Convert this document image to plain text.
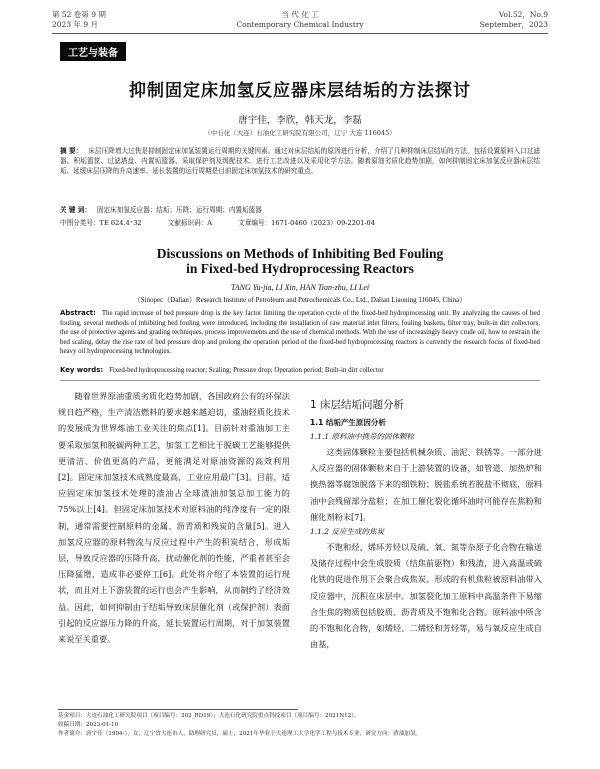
第 52 卷第 9 期
2023 年 9 月
当 代 化 工
Contemporary Chemical Industry
Vol.52，No.9
September，2023
工艺与装备
抑制固定床加氢反应器床层结垢的方法探讨
唐宇佳，李欣，韩天龙，李磊
（中石化（大连）石油化工研究院有限公司，辽宁 大连 116045）
摘 要： 床层压降增大过快是抑制固定床加氢装置运行周期的关键因素。通过对床层结垢的原因进行分析，介绍了几种抑制床层结垢的方法，包括设置原料入口过滤器、积垢篮筐、过滤塔盘、内置垢篮器、采取保护剂及级配技术、进行工艺改进以及采用化学方法。随着原油劣质化趋势加剧，如何抑制固定床加氢反应器床层结垢、延缓床层压降的升高速率、延长装置的运行周期是目前固定床加氢技术的研究重点。
关 键 词： 固定床加氢反应器；结垢；压降；运行周期；内置垢篮器
中图分类号：TE 624.4⁺32	文献标识码：A	文章编号：1671-0460（2023）09-2201-04
Discussions on Methods of Inhibiting Bed Fouling
in Fixed-bed Hydroprocessing Reactors
TANG Yu-jia, LI Xin, HAN Tian-zhu, LI Lei
（Sinopec（Dalian）Research Institute of Petroleum and Petrochemicals Co., Ltd., Dalian Liaoning 116045, China）
Abstract: The rapid increase of bed pressure drop is the key factor limiting the operation cycle of the fixed-bed hydroprocessing unit. By analyzing the causes of bed fouling, several methods of inhibiting bed fouling were introduced, including the installation of raw material inlet filters, fouling baskets, filter tray, built-in dirt collectors, the use of protective agents and grading techniques, process improvements and the use of chemical methods. With the use of increasingly heavy crude oil, how to restrain the bed scaling, delay the rise rate of bed pressure drop and prolong the operation period of the fixed-bed hydroprocessing reactors is currently the research focus of fixed-bed heavy oil hydroprocessing technologies.
Key words: Fixed-bed hydroprocessing reactor; Scaling; Pressure drop; Operation period; Built-in dirt collector

随着世界原油重质劣质化趋势加剧，各国政府公有的环保法规日趋严格，生产清洁燃料的要求越来越迫切，重油轻质化技术的发展成为世界炼油工业关注的焦点[1]。目前针对重油加工主要采取加氢和脱碳两种工艺，加氢工艺相比于脱碳工艺能够提供更清洁、价值更高的产品，更能满足对原油资源的高效利用[2]。固定床加氢技术成熟度最高，工业应用最广[3]。目前，适应固定床加氢技术处理的渣油占全球渣油加氢总加工能力的 75%以上[4]。但固定床加氢技术对原料油的纯净度有一定的限制，通常需要控制原料的金属、沥青质和残炭的含量[5]。进入加氢反应器的原料物流与反应过程中产生的积炭结合，形成垢层，导致反应器的压降升高，扰动催化剂的性能，严重者甚至会压降猛增，造成非必要停工[6]。此处将介绍了本装置的运行现状，而且对上下游装置的运行也会产生影响，从而制约了经济效益。因此，如何抑制由于结垢导致床层催化剂（或保护剂）表面引起的反应器压力降的升高，延长装置运行周期，对于加氢装置来说至关重要。

1 床层结垢问题分析
1.1 结垢产生原因分析
1.1.1 原料油中携带的固体颗粒

这类固体颗粒主要包括机械杂质、油泥、铁锈等。一部分进入反应器的固体颗粒来自于上游装置的设备，如管道、加热炉和换热器等腐蚀脱落下来的细铁粉；脱盐系统若脱盐不彻底，原料油中会残留部分盐粒；在加工催化裂化循环油时可能存在焦粉和催化剂粉末[7]。

1.1.2 反应生成的焦炭

不饱和烃、烯环芳烃以及硫、氧、氮等杂原子化合物在输送及储存过程中会生成胶质（结焦前驱物）和残渣，进入高温或硫化铁的促进作用下会聚合成焦炭。形成的有机焦粒被原料油带入反应器中，沉积在床层中。加氢裂化加工原料中高温条件下易缩合生焦的物质包括胶质、沥青质及不饱和化合物。原料油中所含的不饱和化合物，如烯烃、二烯烃和芳烃等，易与氧反应生成自由基，

基金项目：大连石油化工研究院项目（项目编号：202_RD19）；大连石化研究院重点科技项目（项目编号：2021N12）。
收稿日期：2023-01-10
作者简介：唐宇佳（1994-），女，辽宁省大连市人，助理研究员，硕士，2021年毕业于大连理工大学化学工程与技术专业，研究方向：渣油加氢。
